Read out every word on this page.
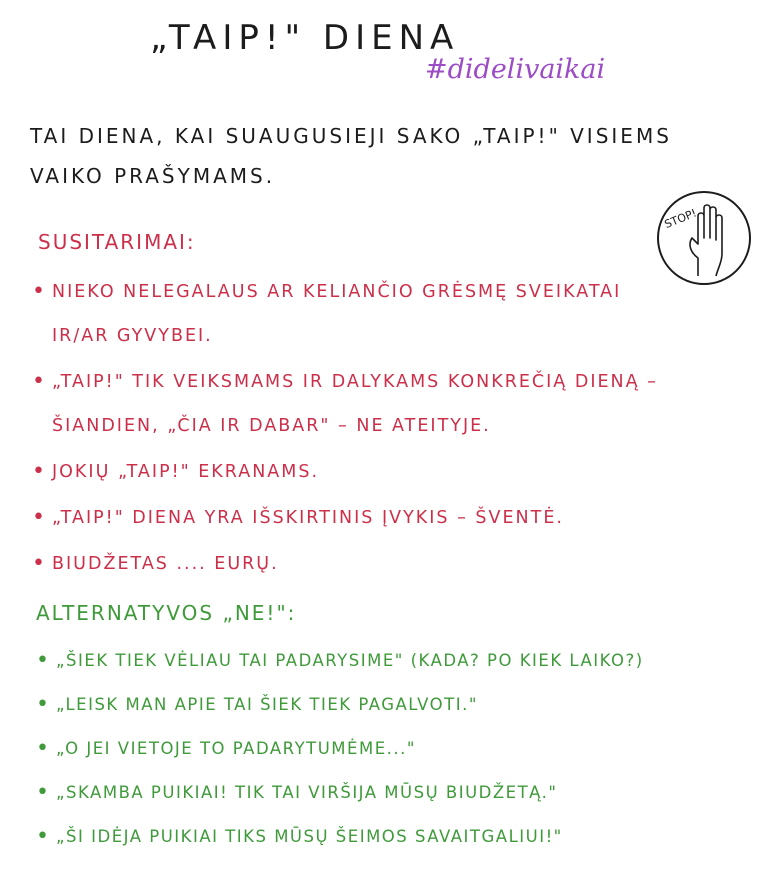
„TAIP!" DIENA
#didelivaikai
TAI DIENA, KAI SUAUGUSIEJI SAKO „TAIP!" VISIEMS VAIKO PRAŠYMAMS.
STOP!
SUSITARIMAI:
• NIEKO NELEGALAUS AR KELIANČIO GRĖSMĘ SVEIKATAI IR/AR GYVYBEI.
• „TAIP!" TIK VEIKSMAMS IR DALYKAMS KONKREČIĄ DIENĄ – ŠIANDIEN, „ČIA IR DABAR" – NE ATEITYJE.
• JOKIŲ „TAIP!" EKRANAMS.
• „TAIP!" DIENA YRA IŠSKIRTINIS ĮVYKIS – ŠVENTĖ.
• BIUDŽETAS .... EURŲ.
ALTERNATYVOS „NE!":
• „ŠIEK TIEK VĖLIAU TAI PADARYSIME" (KADA? PO KIEK LAIKO?)
• „LEISK MAN APIE TAI ŠIEK TIEK PAGALVOTI."
• „O JEI VIETOJE TO PADARYTUMĖME..."
• „SKAMBA PUIKIAI! TIK TAI VIRŠIJA MŪSŲ BIUDŽETĄ."
• „ŠI IDĖJA PUIKIAI TIKS MŪSŲ ŠEIMOS SAVAITGALIUI!"
